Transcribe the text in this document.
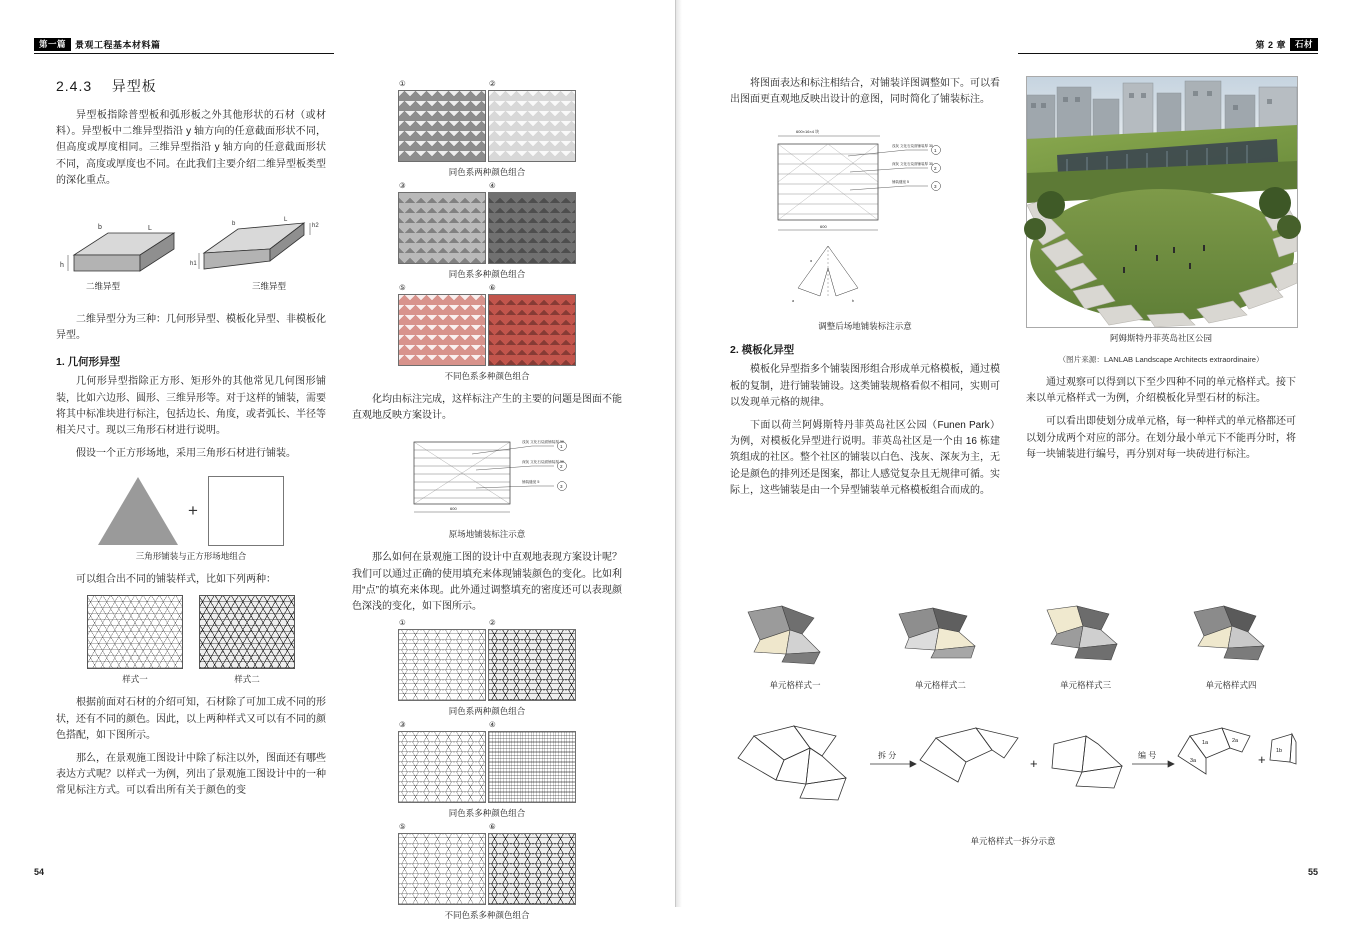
第一篇	景观工程基本材料篇
54
2.4.3 异型板

异型板指除普型板和弧形板之外其他形状的石材（或材料）。异型板中二维异型指沿 y 轴方向的任意截面形状不同，但高度或厚度相同。三维异型指沿 y 轴方向的任意截面形状不同，高度或厚度也不同。在此我们主要介绍二维异型板类型的深化重点。

h
b	L
二维异型
h2
h1
b
L
三维异型

二维异型分为三种：几何形异型、模板化异型、非模板化异型。

1. 几何形异型

几何形异型指除正方形、矩形外的其他常见几何图形铺装，比如六边形、圆形、三维异形等。对于这样的铺装，需要将其中标准块进行标注，包括边长、角度，或者弧长、半径等相关尺寸。现以三角形石材进行说明。

假设一个正方形场地，采用三角形石材进行铺装。

+
三角形铺装与正方形场地组合

可以组合出不同的铺装样式，比如下列两种：

样式一	样式二

根据前面对石材的介绍可知，石材除了可加工成不同的形状，还有不同的颜色。因此，以上两种样式又可以有不同的颜色搭配，如下图所示。

那么，在景观施工图设计中除了标注以外，图面还有哪些表达方式呢？以样式一为例，列出了景观施工图设计中的一种常见标注方式。可以看出所有关于颜色的变

①	②
同色系两种颜色组合
③	④
同色系多种颜色组合
⑤	⑥
不同色系多种颜色组合

化均由标注完成，这样标注产生的主要的问题是图面不能直观地反映方案设计。

浅灰 文化石烧面铺装厚 30
深灰 文化石烧面铺装厚 30
铺装缝宽 5
1
2
3
600
原场地铺装标注示意

那么如何在景观施工图的设计中直观地表现方案设计呢？我们可以通过正确的使用填充来体现铺装颜色的变化。比如利用“点”的填充来体现。此外通过调整填充的密度还可以表现颜色深浅的变化，如下图所示。

①	②
同色系两种颜色组合
③	④
同色系多种颜色组合
⑤	⑥
不同色系多种颜色组合
第 2 章	石材
55

将图面表达和标注相结合，对铺装详图调整如下。可以看出图面更直观地反映出设计的意图，同时简化了铺装标注。

600×16×4 块
浅灰 文化石烧面铺装厚 30
深灰 文化石烧面铺装厚 30
铺装缝宽 5
1
2
3
600
a	b
α
调整后场地铺装标注示意
2. 模板化异型

模板化异型指多个铺装图形组合形成单元格模板，通过模板的复制，进行铺装铺设。这类铺装规格看似不相同，实则可以发现单元格的规律。

下面以荷兰阿姆斯特丹菲英岛社区公园（Funen Park）为例，对模板化异型进行说明。菲英岛社区是一个由 16 栋建筑组成的社区。整个社区的铺装以白色、浅灰、深灰为主，无论是颜色的排列还是图案，都让人感觉复杂且无规律可循。实际上，这些铺装是由一个异型铺装单元格模板组合而成的。

阿姆斯特丹菲英岛社区公园
（图片来源：LANLAB Landscape Architects extraordinaire）

通过观察可以得到以下至少四种不同的单元格样式。接下来以单元格样式一为例，介绍模板化异型石材的标注。

可以看出即使划分成单元格，每一种样式的单元格都还可以划分成两个对应的部分。在划分最小单元下不能再分时，将每一块铺装进行编号，再分别对每一块砖进行标注。

单元格样式一	单元格样式二	单元格样式三	单元格样式四
拆 分
+
编 号
1a	2a
3a	+
1b
单元格样式一拆分示意
